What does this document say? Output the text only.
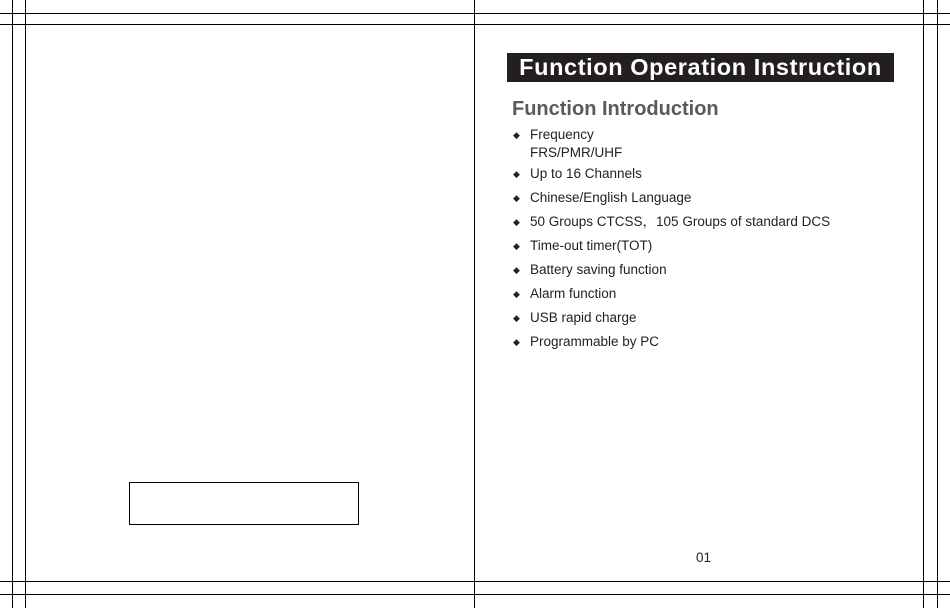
Function Operation Instruction
Function Introduction
◆ Frequency
FRS/PMR/UHF
◆ Up to 16 Channels
◆ Chinese/English Language
◆ 50 Groups CTCSS，105 Groups of standard DCS
◆ Time-out timer(TOT)
◆ Battery saving function
◆ Alarm function
◆ USB rapid charge
◆ Programmable by PC
01
